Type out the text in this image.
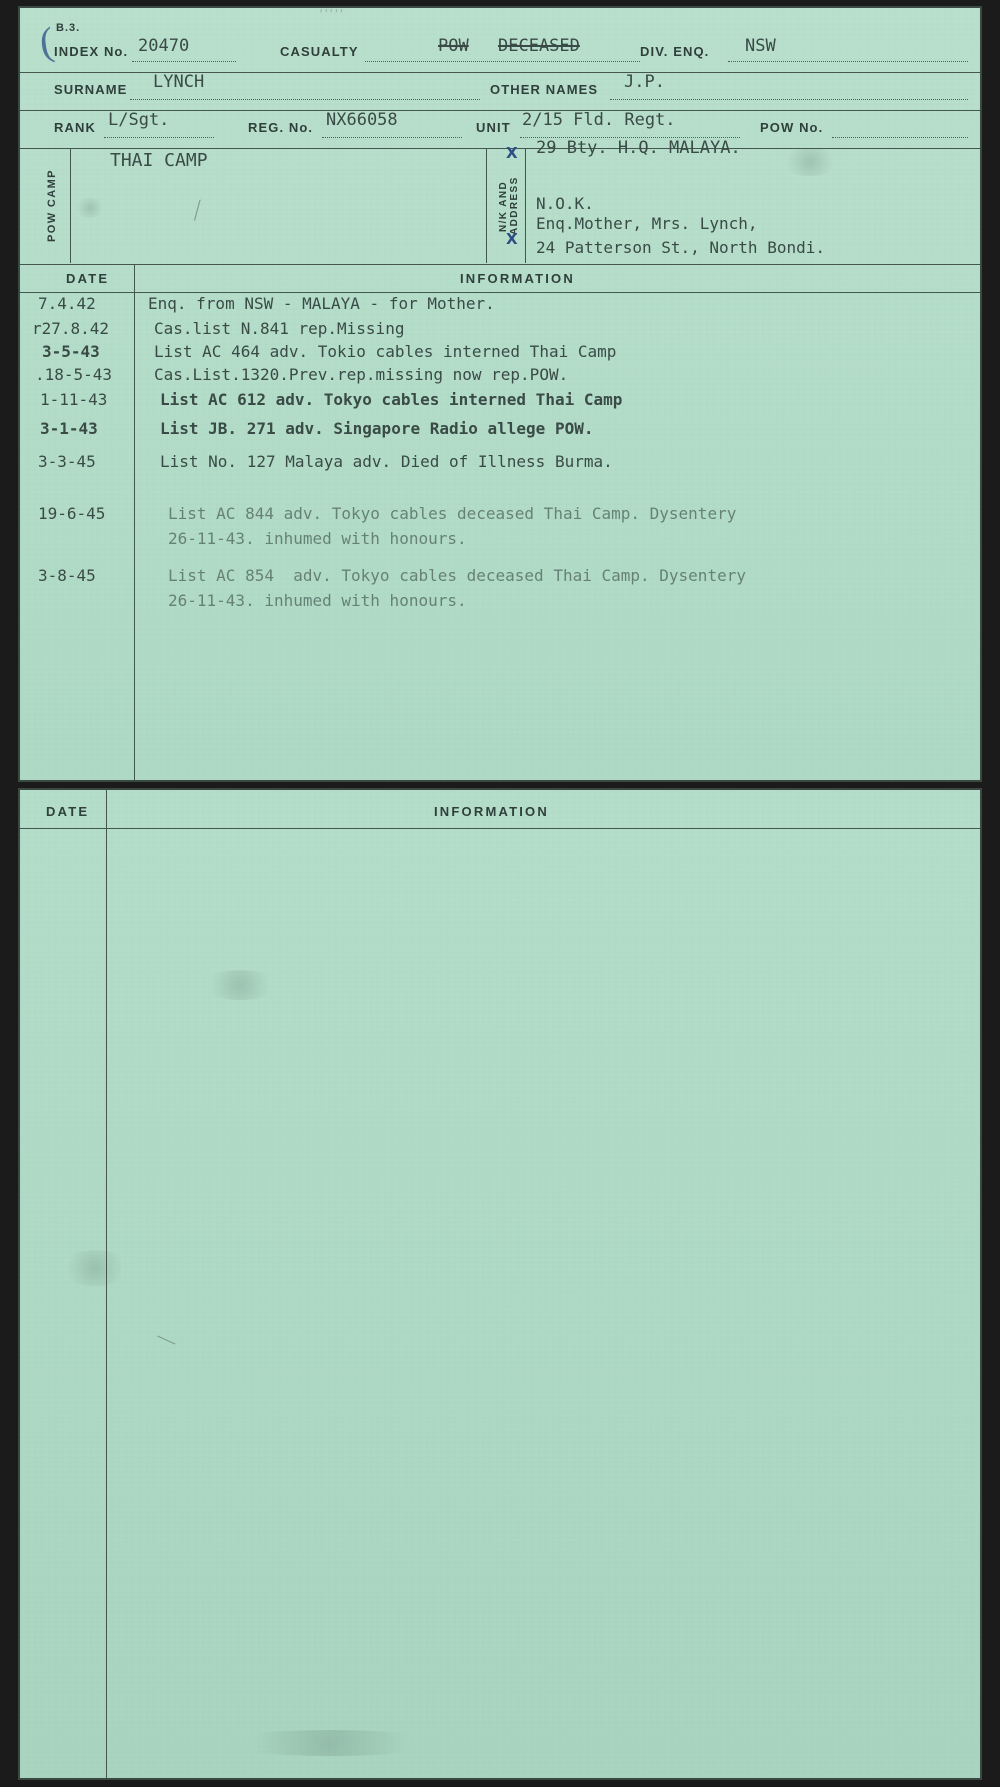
′′′′′
( B.3.
INDEX No. 20470	CASUALTY	POW DECEASED	DIV. ENQ. NSW
SURNAME LYNCH	OTHER NAMES J.P.
RANK L/Sgt.	REG. No. NX66058	UNIT 2/15 Fld. Regt.	POW No.
POW CAMP
THAI CAMP
⟋	N/K AND ADDRESS
X
X
29 Bty. H.Q. MALAYA.
N.O.K.
Enq.Mother, Mrs. Lynch,
24 Patterson St., North Bondi.
DATE	INFORMATION
7.4.42	Enq. from NSW - MALAYA - for Mother.
r27.8.42	Cas.list N.841 rep.Missing
3-5-43	List AC 464 adv. Tokio cables interned Thai Camp
.18-5-43	Cas.List.1320.Prev.rep.missing now rep.POW.
1-11-43	List AC 612 adv. Tokyo cables interned Thai Camp
3-1-43	List JB. 271 adv. Singapore Radio allege POW.
3-3-45	List No. 127 Malaya adv. Died of Illness Burma.
19-6-45	List AC 844 adv. Tokyo cables deceased Thai Camp. Dysentery
26-11-43. inhumed with honours.
3-8-45	List AC 854  adv. Tokyo cables deceased Thai Camp. Dysentery
26-11-43. inhumed with honours.
DATE	INFORMATION
⟍
